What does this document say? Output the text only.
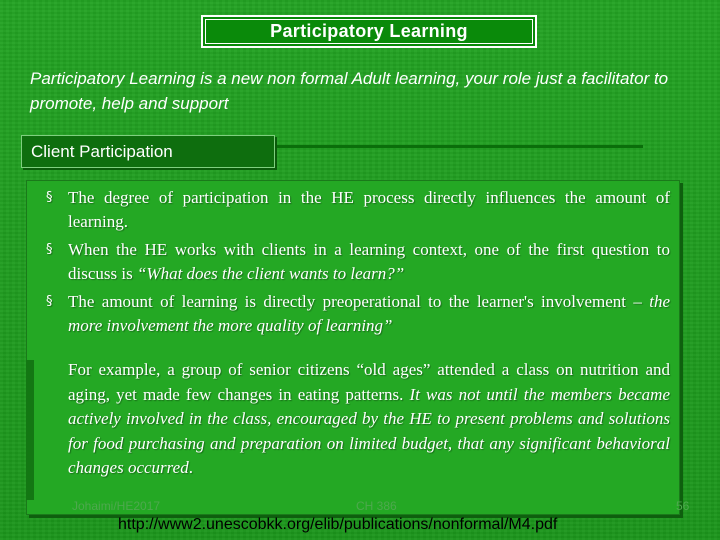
Participatory Learning
Participatory Learning is a new non formal Adult learning, your role just a facilitator to promote, help and support
Client Participation
§ The degree of participation in the HE process directly influences the amount of learning.
§ When the HE works with clients in a learning context, one of the first question to discuss is “What does the client wants to learn?”
§ The amount of learning is directly preoperational to the learner's involvement – the more involvement the more quality of learning”
For example, a group of senior citizens “old ages” attended a class on nutrition and aging, yet made few changes in eating patterns. It was not until the members became actively involved in the class, encouraged by the HE to present problems and solutions for food purchasing and preparation on limited budget, that any significant behavioral changes occurred.
Johaimi/HE2017	CH 386	56
http://www2.unescobkk.org/elib/publications/nonformal/M4.pdf
